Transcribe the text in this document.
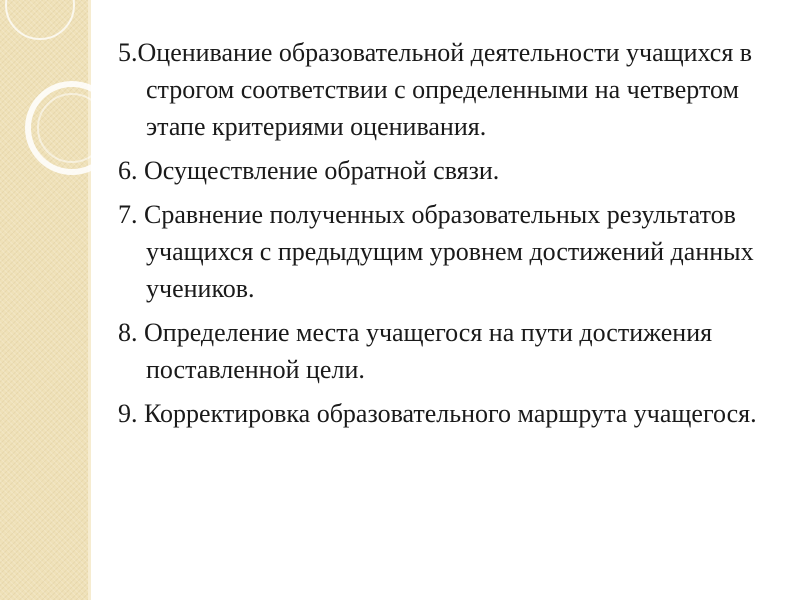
5.Оценивание образовательной деятельности учащихся в строгом соответствии с определенными на четвертом этапе критериями оценивания.

6. Осуществление обратной связи.

7. Сравнение полученных образовательных результатов учащихся с предыдущим уровнем достижений данных учеников.

8. Определение места учащегося на пути достижения поставленной цели.

9. Корректировка образовательного маршрута учащегося.
